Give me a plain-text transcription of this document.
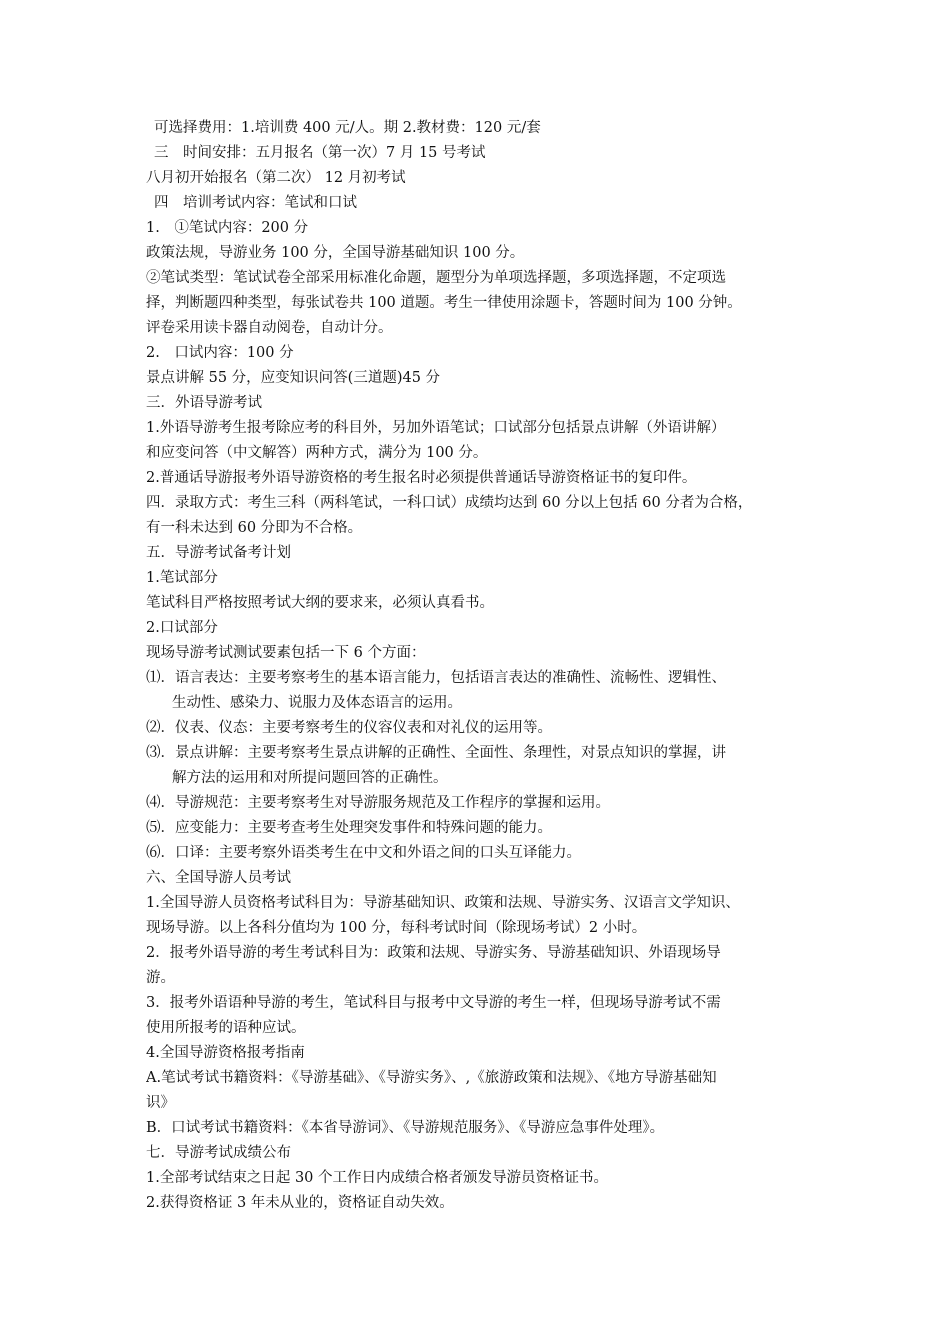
可选择费用：1.培训费 400 元/人。期 2.教材费：120 元/套
三　时间安排：五月报名（第一次）7 月 15 号考试
八月初开始报名（第二次） 12 月初考试
四　培训考试内容：笔试和口试
1.　①笔试内容：200 分
政策法规，导游业务 100 分，全国导游基础知识 100 分。
②笔试类型：笔试试卷全部采用标准化命题，题型分为单项选择题，多项选择题，不定项选
择，判断题四种类型，每张试卷共 100 道题。考生一律使用涂题卡，答题时间为 100 分钟。
评卷采用读卡器自动阅卷，自动计分。
2.　口试内容：100 分
景点讲解 55 分，应变知识问答(三道题)45 分
三．外语导游考试
1.外语导游考生报考除应考的科目外，另加外语笔试；口试部分包括景点讲解（外语讲解）
和应变问答（中文解答）两种方式，满分为 100 分。
2.普通话导游报考外语导游资格的考生报名时必须提供普通话导游资格证书的复印件。
四．录取方式：考生三科（两科笔试，一科口试）成绩均达到 60 分以上包括 60 分者为合格，
有一科未达到 60 分即为不合格。
五．导游考试备考计划
1.笔试部分
笔试科目严格按照考试大纲的要求来，必须认真看书。
2.口试部分
现场导游考试测试要素包括一下 6 个方面：
⑴．语言表达：主要考察考生的基本语言能力，包括语言表达的准确性、流畅性、逻辑性、
生动性、感染力、说服力及体态语言的运用。
⑵．仪表、仪态：主要考察考生的仪容仪表和对礼仪的运用等。
⑶．景点讲解：主要考察考生景点讲解的正确性、全面性、条理性，对景点知识的掌握，讲
解方法的运用和对所提问题回答的正确性。
⑷．导游规范：主要考察考生对导游服务规范及工作程序的掌握和运用。
⑸．应变能力：主要考查考生处理突发事件和特殊问题的能力。
⑹．口译：主要考察外语类考生在中文和外语之间的口头互译能力。
六、全国导游人员考试
1.全国导游人员资格考试科目为：导游基础知识、政策和法规、导游实务、汉语言文学知识、
现场导游。以上各科分值均为 100 分，每科考试时间（除现场考试）2 小时。
2．报考外语导游的考生考试科目为：政策和法规、导游实务、导游基础知识、外语现场导
游。
3．报考外语语种导游的考生，笔试科目与报考中文导游的考生一样，但现场导游考试不需
使用所报考的语种应试。
4.全国导游资格报考指南
A.笔试考试书籍资料：《导游基础》、《导游实务》、,《旅游政策和法规》、《地方导游基础知
识》
B．口试考试书籍资料：《本省导游词》、《导游规范服务》、《导游应急事件处理》。
七．导游考试成绩公布
1.全部考试结束之日起 30 个工作日内成绩合格者颁发导游员资格证书。
2.获得资格证 3 年未从业的，资格证自动失效。
